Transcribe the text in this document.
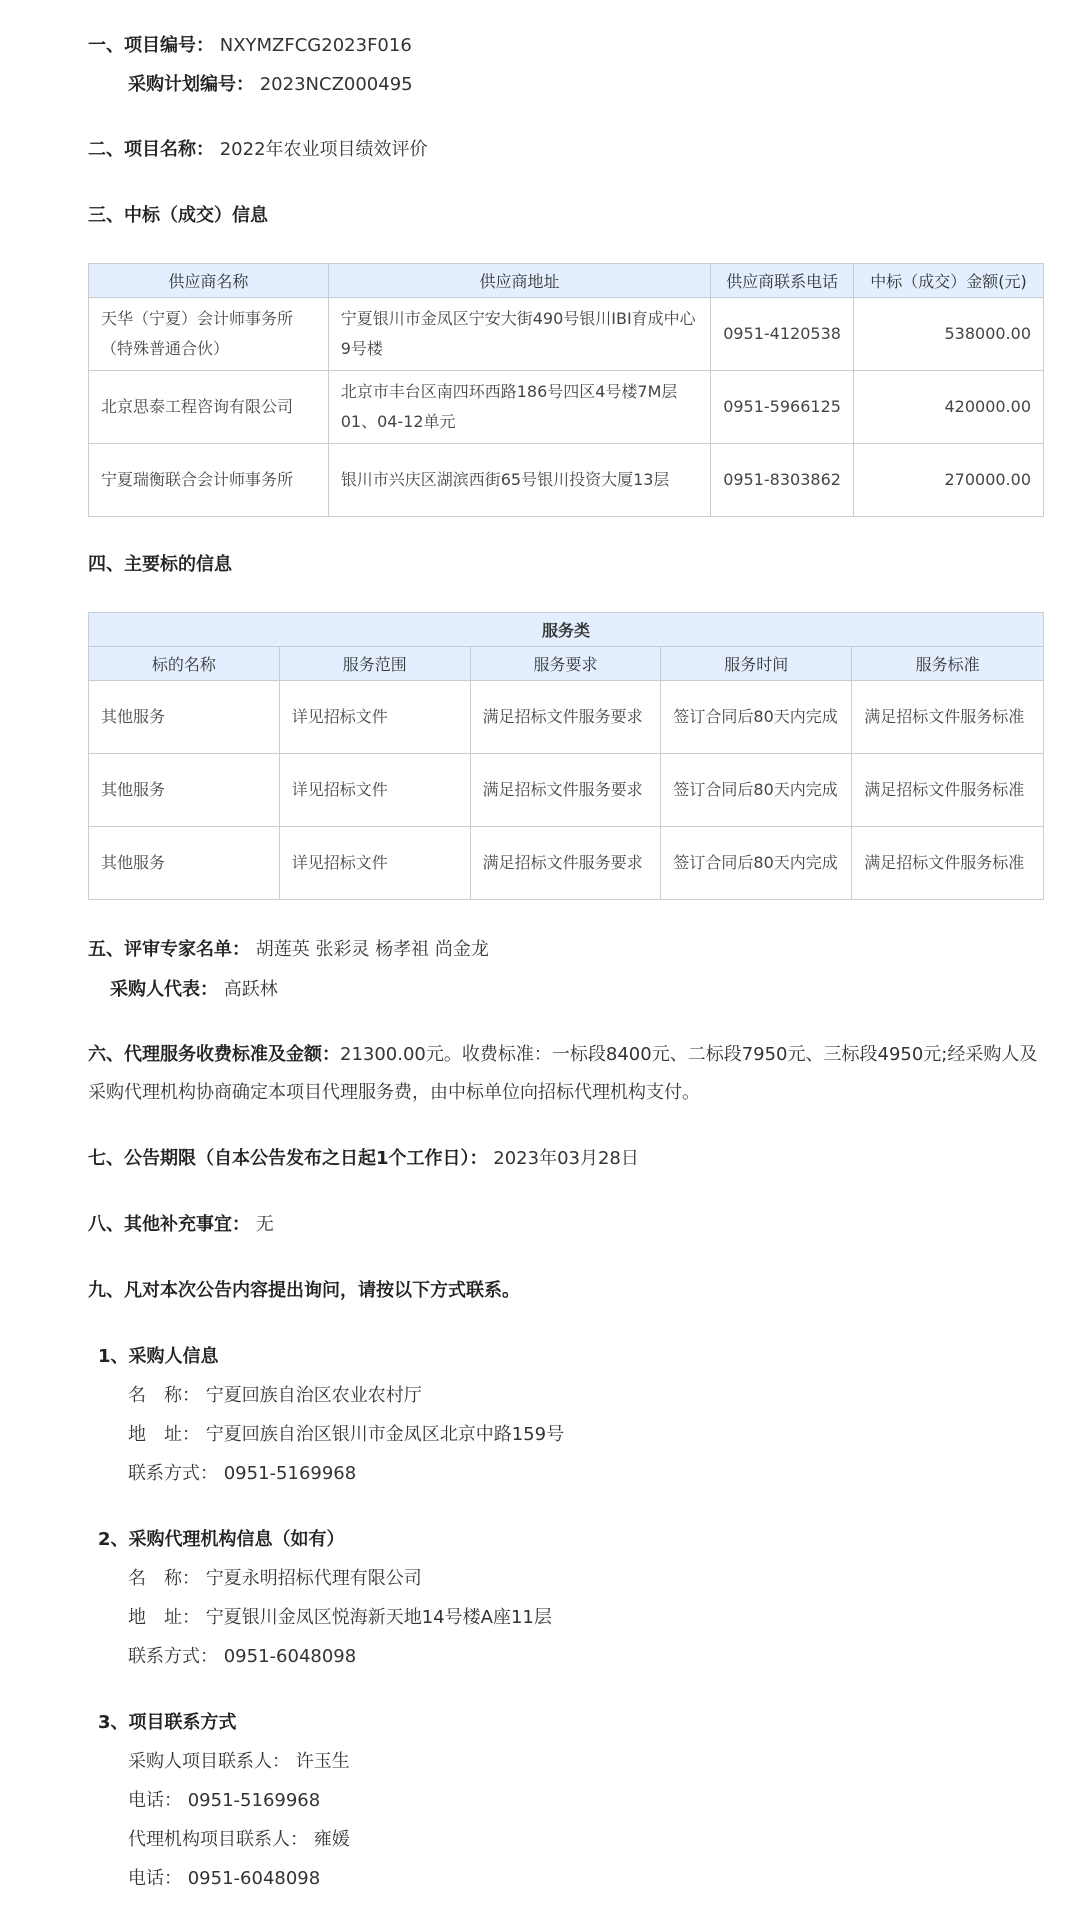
一、项目编号： NXYMZFCG2023F016
采购计划编号： 2023NCZ000495
二、项目名称： 2022年农业项目绩效评价
三、中标（成交）信息
供应商名称	供应商地址	供应商联系电话	中标（成交）金额(元)
天华（宁夏）会计师事务所（特殊普通合伙）	宁夏银川市金凤区宁安大街490号银川IBI育成中心9号楼	0951-4120538	538000.00
北京思泰工程咨询有限公司	北京市丰台区南四环西路186号四区4号楼7M层01、04-12单元	0951-5966125	420000.00
宁夏瑞衡联合会计师事务所	银川市兴庆区湖滨西街65号银川投资大厦13层	0951-8303862	270000.00
四、主要标的信息
服务类				
标的名称	服务范围	服务要求	服务时间	服务标准
其他服务	详见招标文件	满足招标文件服务要求	签订合同后80天内完成	满足招标文件服务标准
其他服务	详见招标文件	满足招标文件服务要求	签订合同后80天内完成	满足招标文件服务标准
其他服务	详见招标文件	满足招标文件服务要求	签订合同后80天内完成	满足招标文件服务标准
五、评审专家名单： 胡莲英 张彩灵 杨孝祖 尚金龙
采购人代表： 高跃林
六、代理服务收费标准及金额：21300.00元。收费标准：一标段8400元、二标段7950元、三标段4950元;经采购人及采购代理机构协商确定本项目代理服务费，由中标单位向招标代理机构支付。
七、公告期限（自本公告发布之日起1个工作日）： 2023年03月28日
八、其他补充事宜： 无
九、凡对本次公告内容提出询问，请按以下方式联系。
1、采购人信息
名　称： 宁夏回族自治区农业农村厅
地　址： 宁夏回族自治区银川市金凤区北京中路159号
联系方式： 0951-5169968
2、采购代理机构信息（如有）
名　称： 宁夏永明招标代理有限公司
地　址： 宁夏银川金凤区悦海新天地14号楼A座11层
联系方式： 0951-6048098
3、项目联系方式
采购人项目联系人： 许玉生
电话： 0951-5169968
代理机构项目联系人： 雍媛
电话： 0951-6048098
